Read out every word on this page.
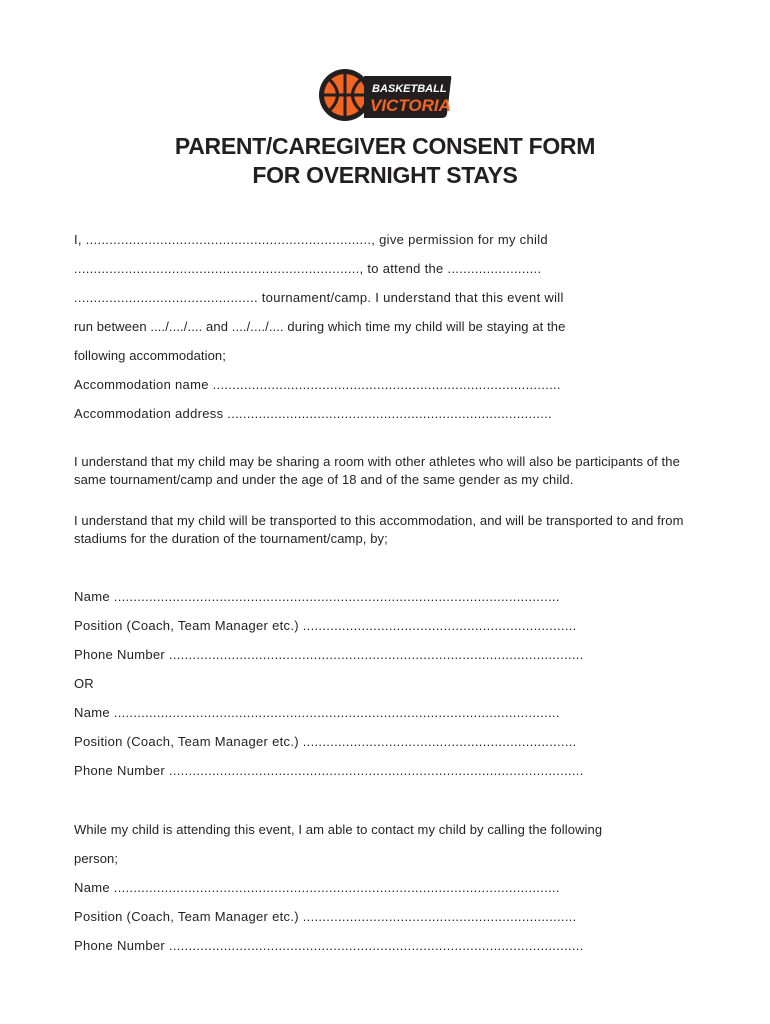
BASKETBALL
VICTORIA
PARENT/CAREGIVER CONSENT FORM
FOR OVERNIGHT STAYS
I, ........................................................................., give permission for my child
........................................................................., to attend the ........................
............................................... tournament/camp. I understand that this event will
run between ..../..../.... and ..../..../.... during which time my child will be staying at the
following accommodation;
Accommodation name .........................................................................................
Accommodation address ...................................................................................
I understand that my child may be sharing a room with other athletes who will also be participants of the same tournament/camp and under the age of 18 and of the same gender as my child.
I understand that my child will be transported to this accommodation, and will be transported to and from stadiums for the duration of the tournament/camp, by;
Name ..................................................................................................................
Position (Coach, Team Manager etc.) ......................................................................
Phone Number ..........................................................................................................
OR
Name ..................................................................................................................
Position (Coach, Team Manager etc.) ......................................................................
Phone Number ..........................................................................................................
While my child is attending this event, I am able to contact my child by calling the following
person;
Name ..................................................................................................................
Position (Coach, Team Manager etc.) ......................................................................
Phone Number ..........................................................................................................
